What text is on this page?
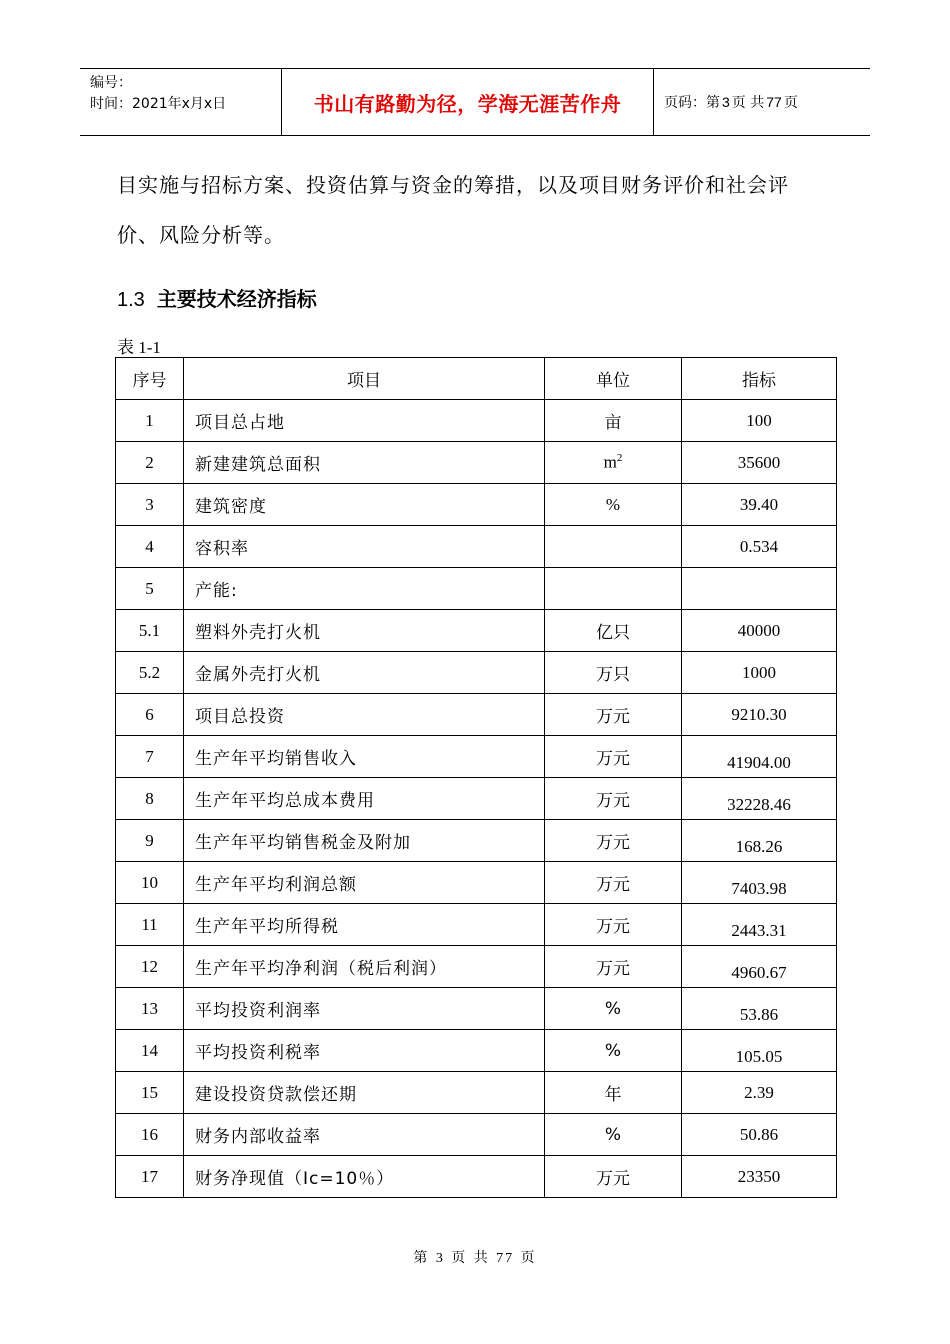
编号：
时间：2021年x月x日	书山有路勤为径，学海无涯苦作舟	页码：第 3 页 共 77 页
目实施与招标方案、投资估算与资金的筹措，以及项目财务评价和社会评
价、风险分析等。
1.3 主要技术经济指标
表 1-1
序号	项目	单位	指标
1	项目总占地	亩	100
2	新建建筑总面积	$m^2$	35600
3	建筑密度	%	39.40
4	容积率		0.534
5	产能:		
5.1	塑料外壳打火机	亿只	40000
5.2	金属外壳打火机	万只	1000
6	项目总投资	万元	9210.30
7	生产年平均销售收入	万元	41904.00
8	生产年平均总成本费用	万元	32228.46
9	生产年平均销售税金及附加	万元	168.26
10	生产年平均利润总额	万元	7403.98
11	生产年平均所得税	万元	2443.31
12	生产年平均净利润（税后利润）	万元	4960.67
13	平均投资利润率	%	53.86
14	平均投资利税率	%	105.05
15	建设投资贷款偿还期	年	2.39
16	财务内部收益率	%	50.86
17	财务净现值（Ic=10％）	万元	23350
第 3 页 共 77 页
